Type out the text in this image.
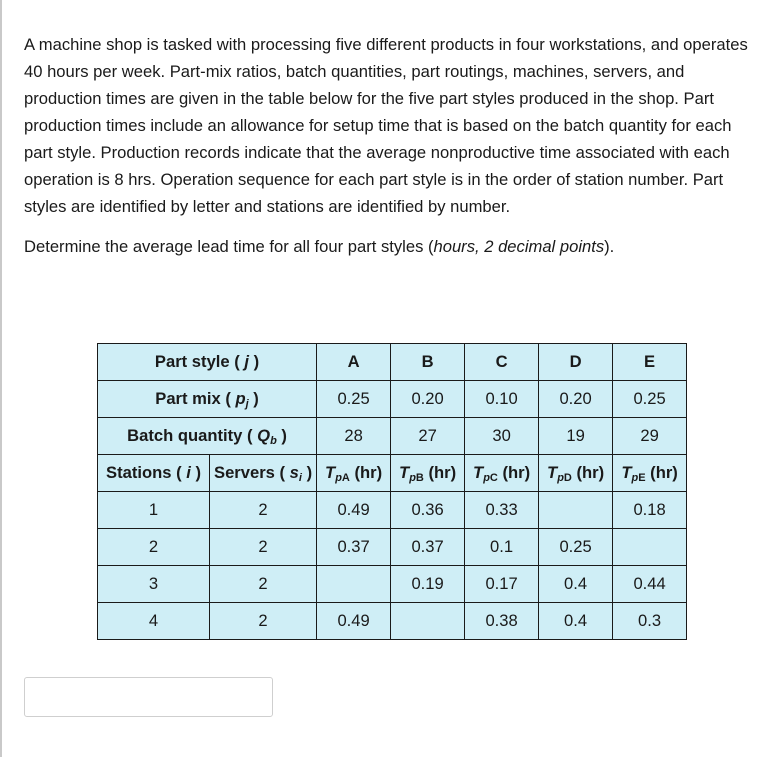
A machine shop is tasked with processing five different products in four workstations, and operates 40 hours per week. Part-mix ratios, batch quantities, part routings, machines, servers, and production times are given in the table below for the five part styles produced in the shop. Part production times include an allowance for setup time that is based on the batch quantity for each part style. Production records indicate that the average nonproductive time associated with each operation is 8 hrs. Operation sequence for each part style is in the order of station number. Part styles are identified by letter and stations are identified by number.

Determine the average lead time for all four part styles (hours, 2 decimal points).

Part style ( j )		A	B	C	D	E
Part mix ( $p_j$ )		0.25	0.20	0.10	0.20	0.25
Batch quantity ( $Q_b$ )		28	27	30	19	29
Stations ( i )	Servers ( $s_i$ )	$T_{pA}$ (hr)	$T_{pB}$ (hr)	$T_{pC}$ (hr)	$T_{pD}$ (hr)	$T_{pE}$ (hr)
1	2	0.49	0.36	0.33		0.18
2	2	0.37	0.37	0.1	0.25	
3	2		0.19	0.17	0.4	0.44
4	2	0.49		0.38	0.4	0.3
